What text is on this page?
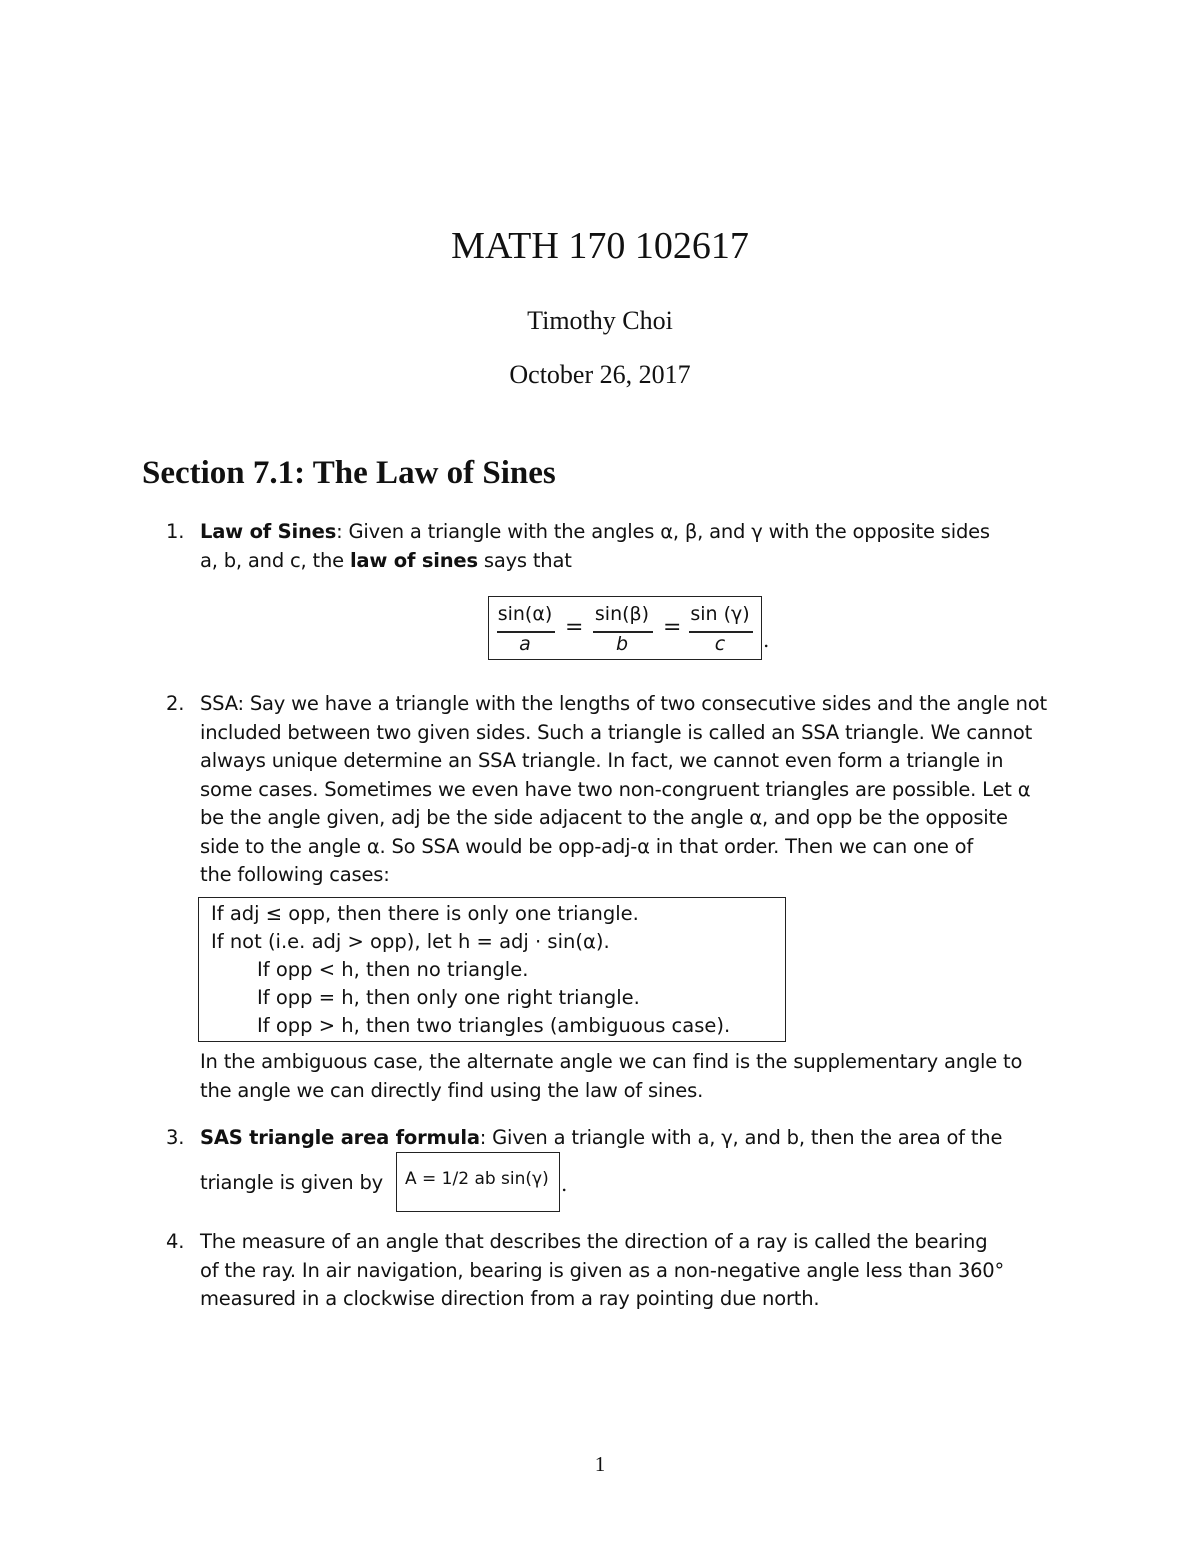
MATH 170 102617
Timothy Choi
October 26, 2017
Section 7.1: The Law of Sines
1. Law of Sines: Given a triangle with the angles α, β, and γ with the opposite sides
a, b, and c, the law of sines says that
sin(α)
a
=
sin(β)
b
=
sin (γ)
c	.
2. SSA: Say we have a triangle with the lengths of two consecutive sides and the angle not
included between two given sides. Such a triangle is called an SSA triangle. We cannot
always unique determine an SSA triangle. In fact, we cannot even form a triangle in
some cases. Sometimes we even have two non-congruent triangles are possible. Let α
be the angle given, adj be the side adjacent to the angle α, and opp be the opposite
side to the angle α. So SSA would be opp-adj-α in that order. Then we can one of
the following cases:
If adj ≤ opp, then there is only one triangle.
If not (i.e. adj > opp), let h = adj · sin(α).
If opp < h, then no triangle.
If opp = h, then only one right triangle.
If opp > h, then two triangles (ambiguous case).
In the ambiguous case, the alternate angle we can find is the supplementary angle to
the angle we can directly find using the law of sines.
3. SAS triangle area formula: Given a triangle with a, γ, and b, then the area of the
triangle is given by	A = 1/2 ab sin(γ) .
4. The measure of an angle that describes the direction of a ray is called the bearing
of the ray. In air navigation, bearing is given as a non-negative angle less than 360°
measured in a clockwise direction from a ray pointing due north.
1
